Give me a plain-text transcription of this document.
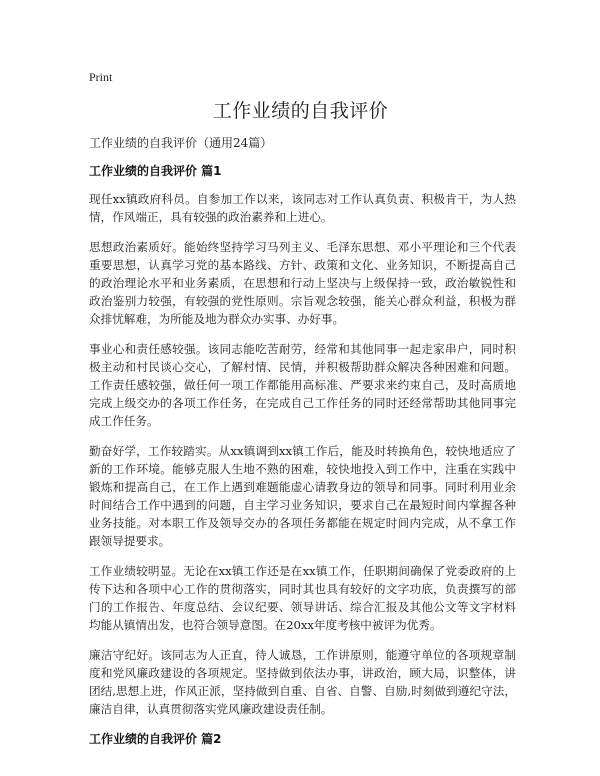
Print
工作业绩的自我评价
工作业绩的自我评价（通用24篇）
工作业绩的自我评价 篇1

现任xx镇政府科员。自参加工作以来，该同志对工作认真负责、积极肯干，为人热情，作风端正，具有较强的政治素养和上进心。

思想政治素质好。能始终坚持学习马列主义、毛泽东思想、邓小平理论和三个代表重要思想，认真学习党的基本路线、方针、政策和文化、业务知识，不断提高自己的政治理论水平和业务素质，在思想和行动上坚决与上级保持一致，政治敏锐性和政治鉴别力较强，有较强的党性原则。宗旨观念较强，能关心群众利益，积极为群众排忧解难，为所能及地为群众办实事、办好事。

事业心和责任感较强。该同志能吃苦耐劳，经常和其他同事一起走家串户，同时积极主动和村民谈心交心，了解村情、民情，并积极帮助群众解决各种困难和问题。工作责任感较强，做任何一项工作都能用高标准、严要求来约束自己，及时高质地完成上级交办的各项工作任务，在完成自己工作任务的同时还经常帮助其他同事完成工作任务。

勤奋好学，工作较踏实。从xx镇调到xx镇工作后，能及时转换角色，较快地适应了新的工作环境。能够克服人生地不熟的困难，较快地投入到工作中，注重在实践中锻炼和提高自己，在工作上遇到难题能虚心请教身边的领导和同事。同时利用业余时间结合工作中遇到的问题，自主学习业务知识，要求自己在最短时间内掌握各种业务技能。对本职工作及领导交办的各项任务都能在规定时间内完成，从不拿工作跟领导提要求。

工作业绩较明显。无论在xx镇工作还是在xx镇工作，任职期间确保了党委政府的上传下达和各项中心工作的贯彻落实，同时其也具有较好的文字功底，负责撰写的部门的工作报告、年度总结、会议纪要、领导讲话、综合汇报及其他公文等文字材料均能从镇情出发，也符合领导意图。在20xx年度考核中被评为优秀。

廉洁守纪好。该同志为人正直，待人诚恳，工作讲原则，能遵守单位的各项规章制度和党风廉政建设的各项规定。坚持做到依法办事，讲政治，顾大局，识整体，讲团结,思想上进，作风正派，坚持做到自重、自省、自警、自励,时刻做到遵纪守法，廉洁自律，认真贯彻落实党风廉政建设责任制。

工作业绩的自我评价 篇2
